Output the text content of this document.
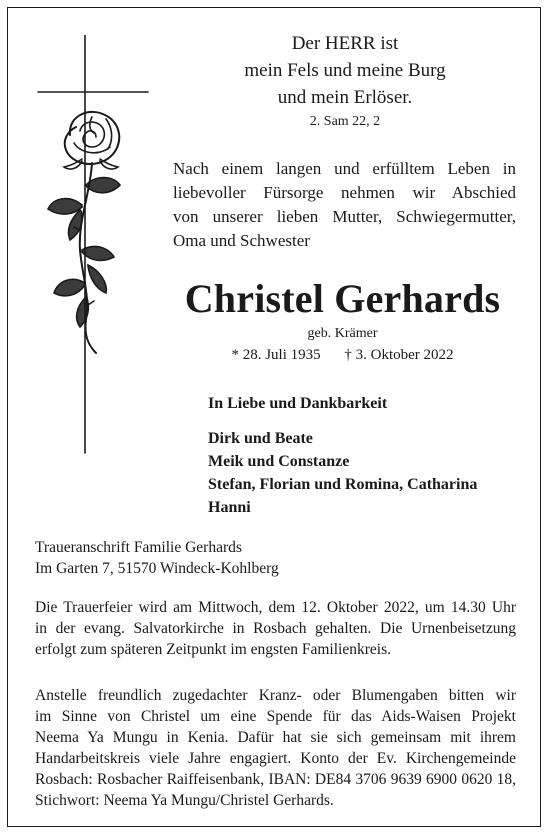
Der HERR ist
mein Fels und meine Burg
und mein Erlöser.
2. Sam 22, 2
Nach einem langen und erfülltem Leben in
liebevoller Fürsorge nehmen wir Abschied
von unserer lieben Mutter, Schwiegermutter,
Oma und Schwester
Christel Gerhards
geb. Krämer
* 28. Juli 1935 † 3. Oktober 2022
In Liebe und Dankbarkeit
Dirk und Beate
Meik und Constanze
Stefan, Florian und Romina, Catharina
Hanni
Traueranschrift Familie Gerhards
Im Garten 7, 51570 Windeck-Kohlberg
Die Trauerfeier wird am Mittwoch, dem 12. Oktober 2022, um 14.30 Uhr
in der evang. Salvatorkirche in Rosbach gehalten. Die Urnenbeisetzung
erfolgt zum späteren Zeitpunkt im engsten Familienkreis.
Anstelle freundlich zugedachter Kranz- oder Blumengaben bitten wir
im Sinne von Christel um eine Spende für das Aids-Waisen Projekt
Neema Ya Mungu in Kenia. Dafür hat sie sich gemeinsam mit ihrem
Handarbeitskreis viele Jahre engagiert. Konto der Ev. Kirchengemeinde
Rosbach: Rosbacher Raiffeisenbank, IBAN: DE84 3706 9639 6900 0620 18,
Stichwort: Neema Ya Mungu/Christel Gerhards.
